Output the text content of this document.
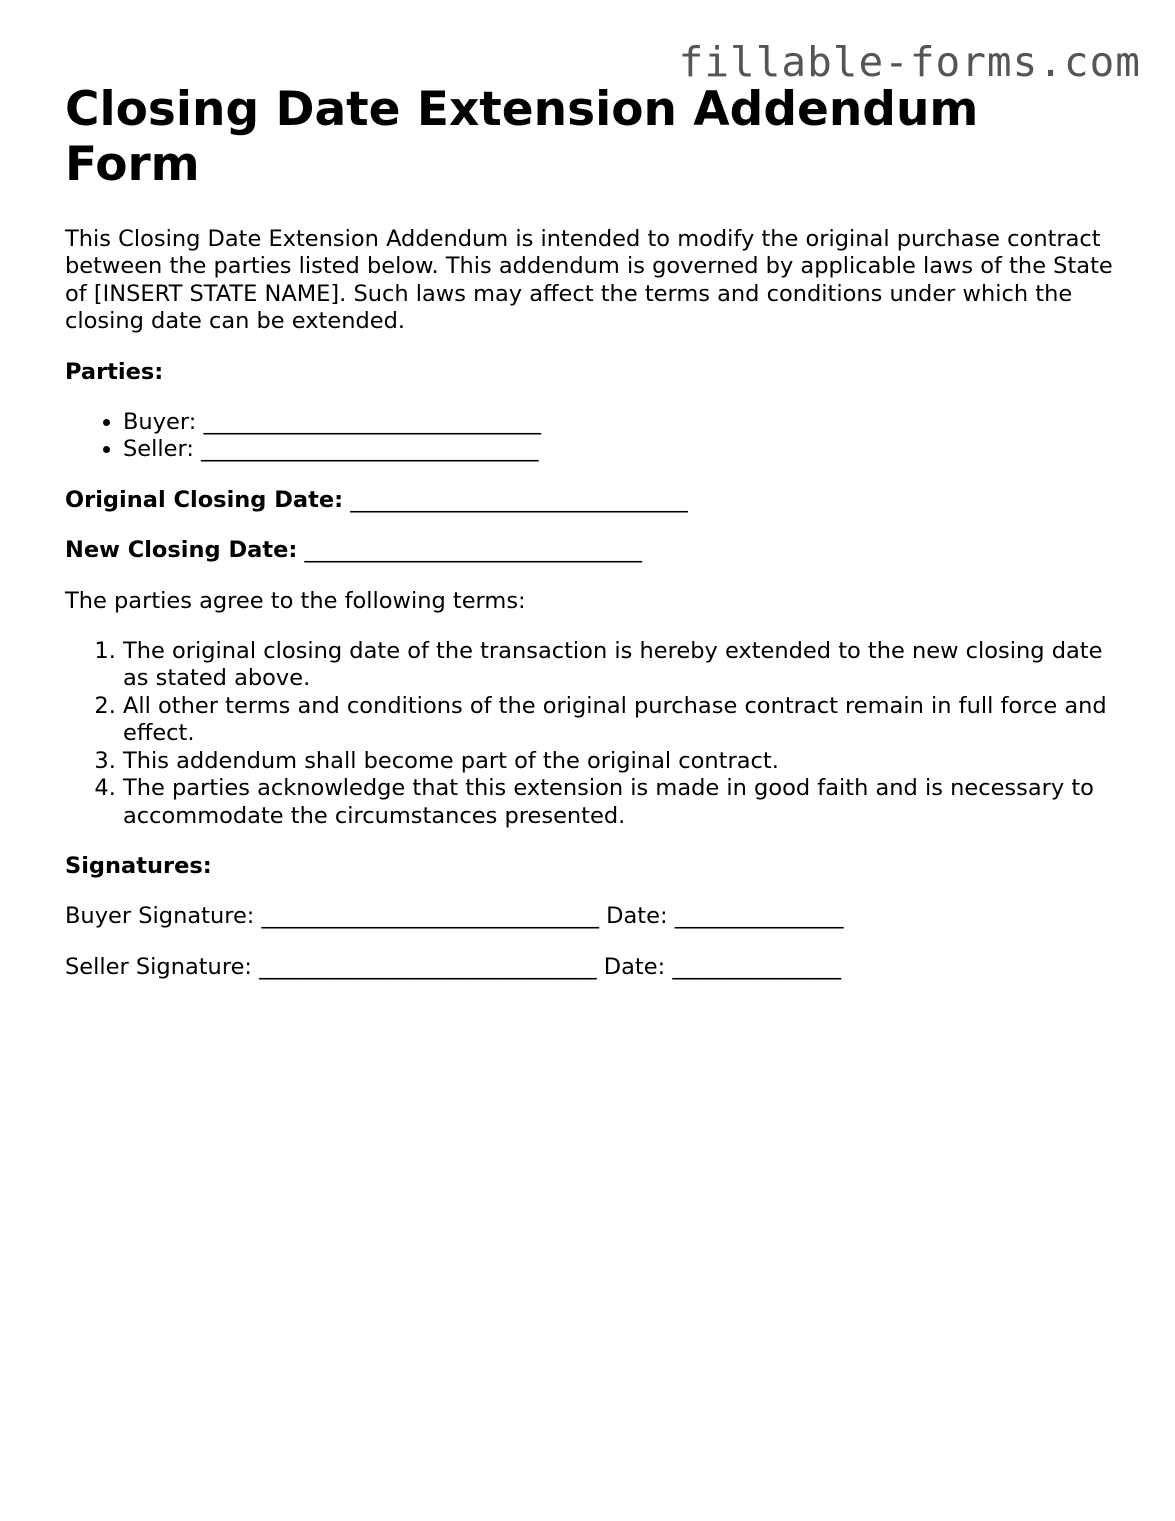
fillable-forms.com
Closing Date Extension Addendum Form

This Closing Date Extension Addendum is intended to modify the original purchase contract between the parties listed below. This addendum is governed by applicable laws of the State of [INSERT STATE NAME]. Such laws may affect the terms and conditions under which the closing date can be extended.

Parties:

• Buyer: ______________________________
• Seller: ______________________________

Original Closing Date: ______________________________

New Closing Date: ______________________________

The parties agree to the following terms:

1. The original closing date of the transaction is hereby extended to the new closing date as stated above.
2. All other terms and conditions of the original purchase contract remain in full force and effect.
3. This addendum shall become part of the original contract.
4. The parties acknowledge that this extension is made in good faith and is necessary to accommodate the circumstances presented.

Signatures:

Buyer Signature: ______________________________ Date: _______________

Seller Signature: ______________________________ Date: _______________
